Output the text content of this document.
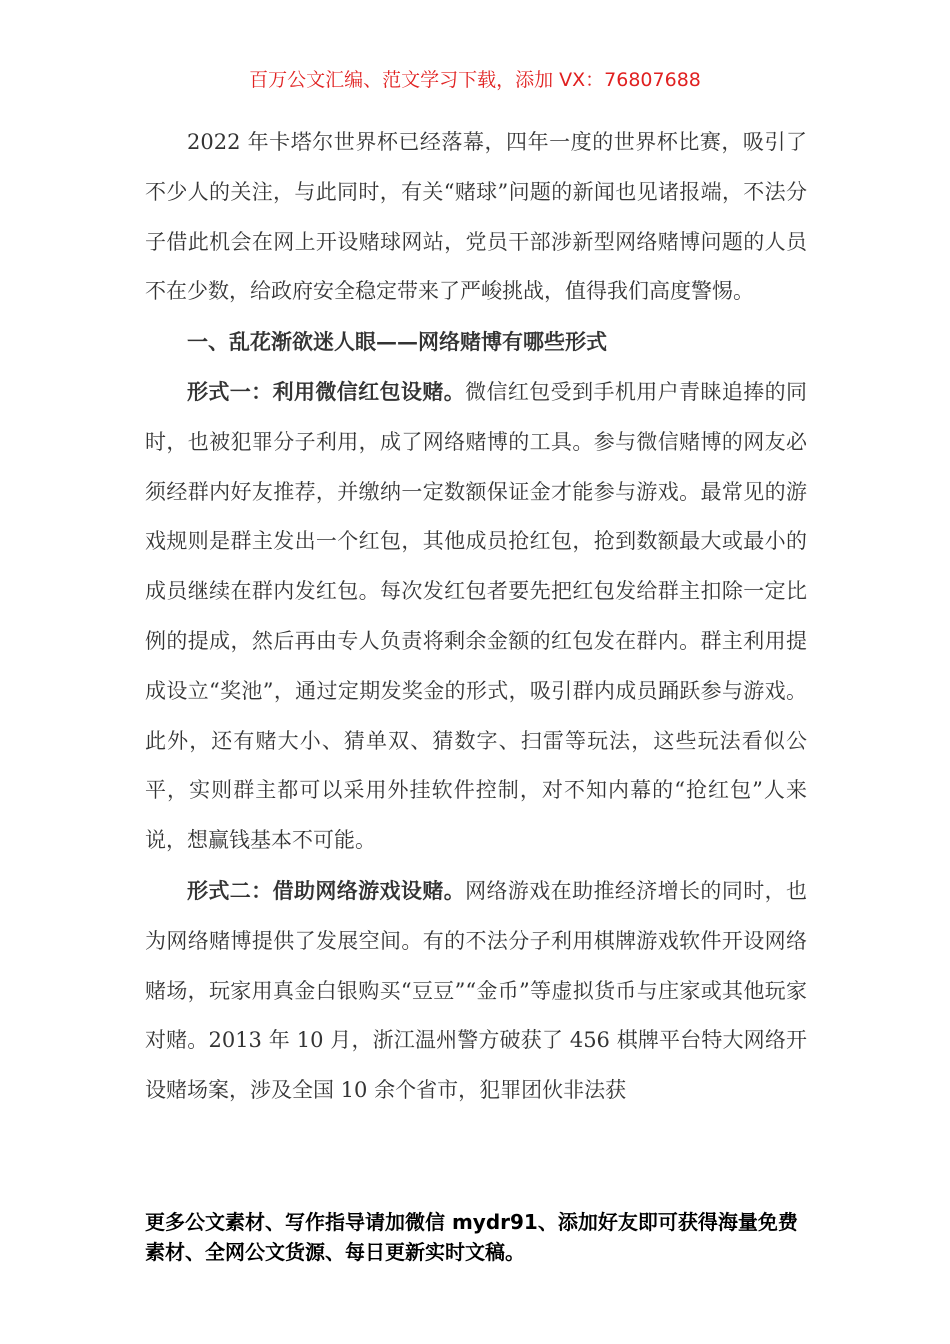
百万公文汇编、范文学习下载，添加 VX：76807688

2022 年卡塔尔世界杯已经落幕，四年一度的世界杯比赛，吸引了不少人的关注，与此同时，有关“赌球”问题的新闻也见诸报端，不法分子借此机会在网上开设赌球网站，党员干部涉新型网络赌博问题的人员不在少数，给政府安全稳定带来了严峻挑战，值得我们高度警惕。

一、乱花渐欲迷人眼——网络赌博有哪些形式

形式一：利用微信红包设赌。微信红包受到手机用户青睐追捧的同时，也被犯罪分子利用，成了网络赌博的工具。参与微信赌博的网友必须经群内好友推荐，并缴纳一定数额保证金才能参与游戏。最常见的游戏规则是群主发出一个红包，其他成员抢红包，抢到数额最大或最小的成员继续在群内发红包。每次发红包者要先把红包发给群主扣除一定比例的提成，然后再由专人负责将剩余金额的红包发在群内。群主利用提成设立“奖池”，通过定期发奖金的形式，吸引群内成员踊跃参与游戏。此外，还有赌大小、猜单双、猜数字、扫雷等玩法，这些玩法看似公平，实则群主都可以采用外挂软件控制，对不知内幕的“抢红包”人来说，想赢钱基本不可能。

形式二：借助网络游戏设赌。网络游戏在助推经济增长的同时，也为网络赌博提供了发展空间。有的不法分子利用棋牌游戏软件开设网络赌场，玩家用真金白银购买“豆豆”“金币”等虚拟货币与庄家或其他玩家对赌。2013 年 10 月，浙江温州警方破获了 456 棋牌平台特大网络开设赌场案，涉及全国 10 余个省市，犯罪团伙非法获

更多公文素材、写作指导请加微信 mydr91、添加好友即可获得海量免费素材、全网公文货源、每日更新实时文稿。
